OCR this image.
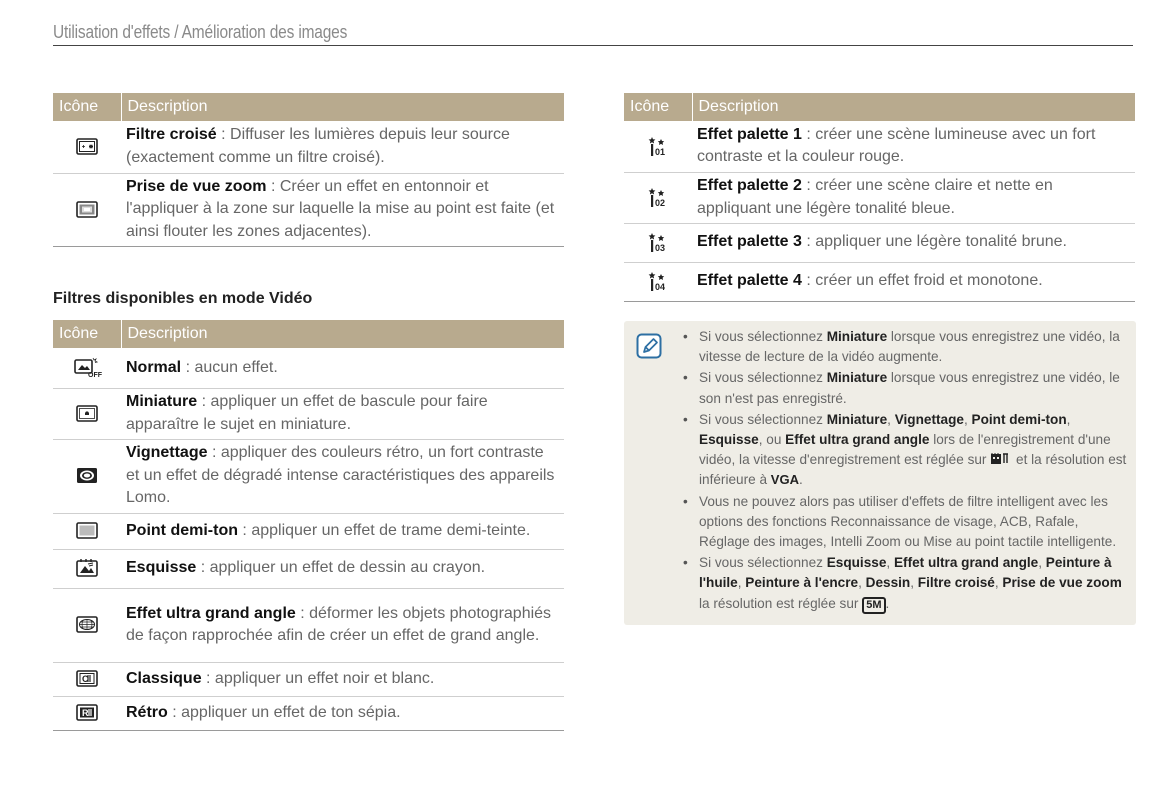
Utilisation d'effets / Amélioration des images
Icône	Description
	Filtre croisé : Diffuser les lumières depuis leur source (exactement comme un filtre croisé).
	Prise de vue zoom : Créer un effet en entonnoir et l'appliquer à la zone sur laquelle la mise au point est faite (et ainsi flouter les zones adjacentes).
Filtres disponibles en mode Vidéo
Icône	Description

OFF	Normal : aucun effet.
	Miniature : appliquer un effet de bascule pour faire apparaître le sujet en miniature.
	Vignettage : appliquer des couleurs rétro, un fort contraste et un effet de dégradé intense caractéristiques des appareils Lomo.
	Point demi-ton : appliquer un effet de trame demi-teinte.
	Esquisse : appliquer un effet de dessin au crayon.
	Effet ultra grand angle : déformer les objets photographiés de façon rapprochée afin de créer un effet de grand angle.

C	Classique : appliquer un effet noir et blanc.

R	Rétro : appliquer un effet de ton sépia.
Icône	Description

01	Effet palette 1 : créer une scène lumineuse avec un fort contraste et la couleur rouge.

02	Effet palette 2 : créer une scène claire et nette en appliquant une légère tonalité bleue.

03	Effet palette 3 : appliquer une légère tonalité brune.

04	Effet palette 4 : créer un effet froid et monotone.
• Si vous sélectionnez Miniature lorsque vous enregistrez une vidéo, la vitesse de lecture de la vidéo augmente.
• Si vous sélectionnez Miniature lorsque vous enregistrez une vidéo, le son n'est pas enregistré.
• Si vous sélectionnez Miniature, Vignettage, Point demi-ton, Esquisse, ou Effet ultra grand angle lors de l'enregistrement d'une vidéo, la vitesse d'enregistrement est réglée sur  et la résolution est inférieure à VGA.
• Vous ne pouvez alors pas utiliser d'effets de filtre intelligent avec les options des fonctions Reconnaissance de visage, ACB, Rafale, Réglage des images, Intelli Zoom ou Mise au point tactile intelligente.
• Si vous sélectionnez Esquisse, Effet ultra grand angle, Peinture à l'huile, Peinture à l'encre, Dessin, Filtre croisé, Prise de vue zoom la résolution est réglée sur 5M .
